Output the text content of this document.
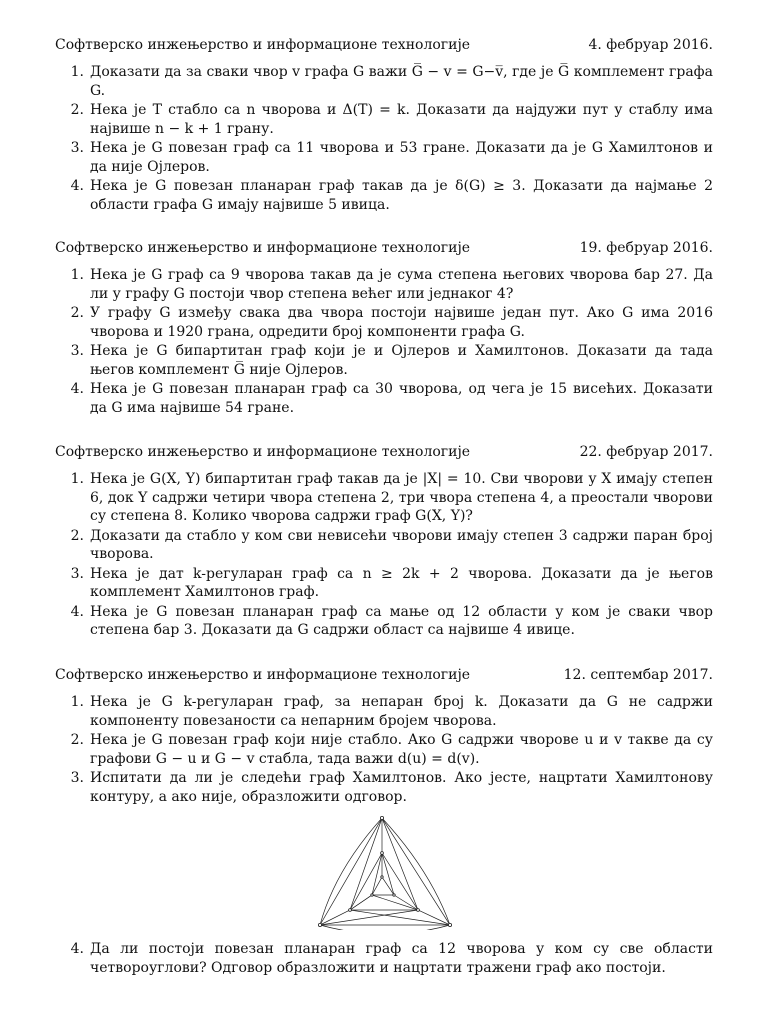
Софтверско инжењерство и информационе технологије	4. фебруар 2016.
1. Доказати да за сваки чвор v графа G важи G̅ − v = G−v̅, где је G̅ комплемент графа G.
2. Нека је T стабло са n чворова и Δ(T) = k. Доказати да најдужи пут у стаблу има највише n − k + 1 грану.
3. Нека је G повезан граф са 11 чворова и 53 гране. Доказати да је G Хамилтонов и да није Ојлеров.
4. Нека је G повезан планаран граф такав да је δ(G) ≥ 3. Доказати да најмање 2 области графа G имају највише 5 ивица.
Софтверско инжењерство и информационе технологије	19. фебруар 2016.
1. Нека је G граф са 9 чворова такав да је сума степена његових чворова бар 27. Да ли у графу G постоји чвор степена већег или једнаког 4?
2. У графу G између свака два чвора постоји највише један пут. Ако G има 2016 чворова и 1920 грана, одредити број компоненти графа G.
3. Нека је G бипартитан граф који је и Ојлеров и Хамилтонов. Доказати да тада његов комплемент G̅ није Ојлеров.
4. Нека је G повезан планаран граф са 30 чворова, од чега је 15 висећих. Доказати да G има највише 54 гране.
Софтверско инжењерство и информационе технологије	22. фебруар 2017.
1. Нека је G(X, Y) бипартитан граф такав да је |X| = 10. Сви чворови у X имају степен 6, док Y садржи четири чвора степена 2, три чвора степена 4, а преостали чворови су степена 8. Колико чворова садржи граф G(X, Y)?
2. Доказати да стабло у ком сви невисећи чворови имају степен 3 садржи паран број чворова.
3. Нека је дат k-регуларан граф са n ≥ 2k + 2 чворова. Доказати да је његов комплемент Хамилтонов граф.
4. Нека је G повезан планаран граф са мање од 12 области у ком је сваки чвор степена бар 3. Доказати да G садржи област са највише 4 ивице.
Софтверско инжењерство и информационе технологије	12. септембар 2017.
1. Нека је G k-регуларан граф, за непаран број k. Доказати да G не садржи компоненту повезаности са непарним бројем чворова.
2. Нека је G повезан граф који није стабло. Ако G садржи чворове u и v такве да су графови G − u и G − v стабла, тада важи d(u) = d(v).
3. Испитати да ли је следећи граф Хамилтонов. Ако јесте, нацртати Хамилтонову контуру, а ако није, образложити одговор.
4. Да ли постоји повезан планаран граф са 12 чворова у ком су све области четвороуглови? Одговор образложити и нацртати тражени граф ако постоји.
